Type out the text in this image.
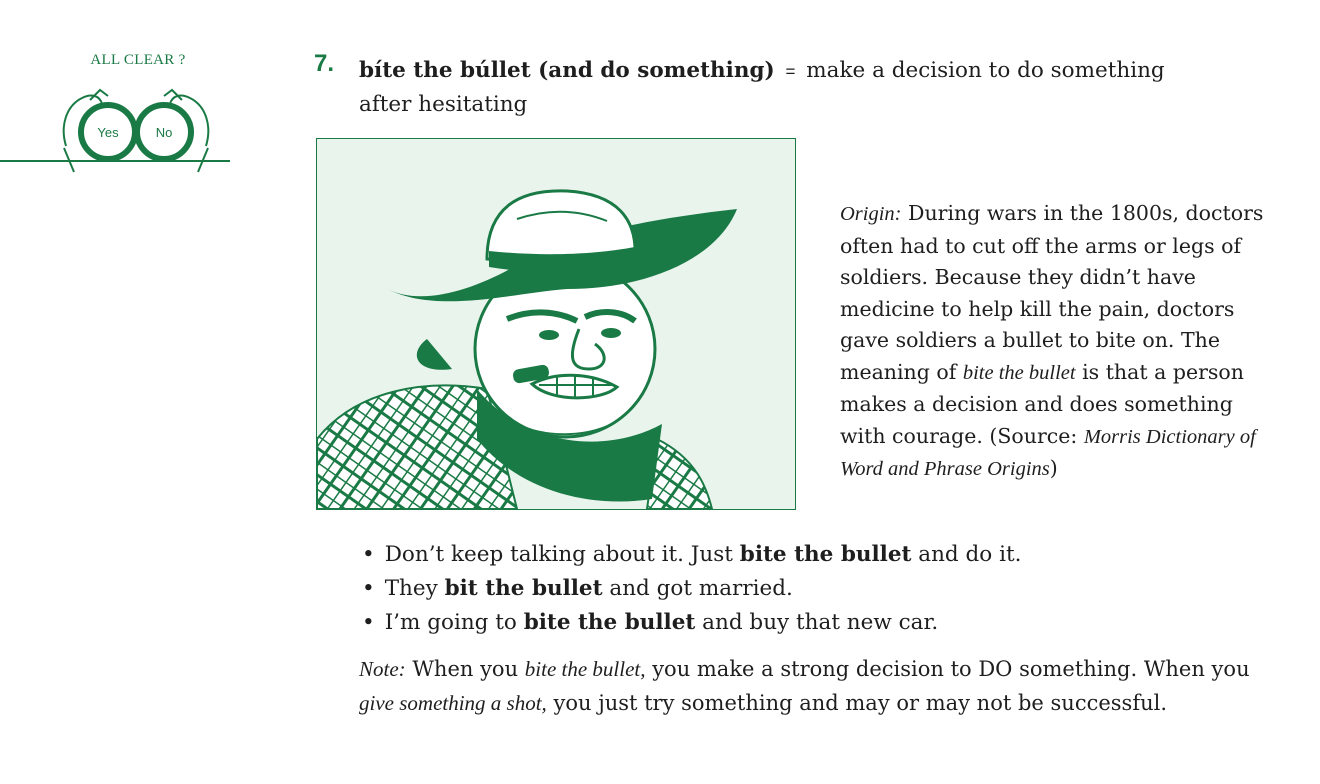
ALL CLEAR ?
Yes	No
7. bíte the búllet (and do something) = make a decision to do something after hesitating
Origin: During wars in the 1800s, doctors often had to cut off the arms or legs of soldiers. Because they didn’t have medicine to help kill the pain, doctors gave soldiers a bullet to bite on. The meaning of bite the bullet is that a person makes a decision and does something with courage. (Source: Morris Dictionary of Word and Phrase Origins)
• Don’t keep talking about it. Just bite the bullet and do it.
• They bit the bullet and got married.
• I’m going to bite the bullet and buy that new car.
Note: When you bite the bullet, you make a strong decision to DO something. When you give something a shot, you just try something and may or may not be successful.
